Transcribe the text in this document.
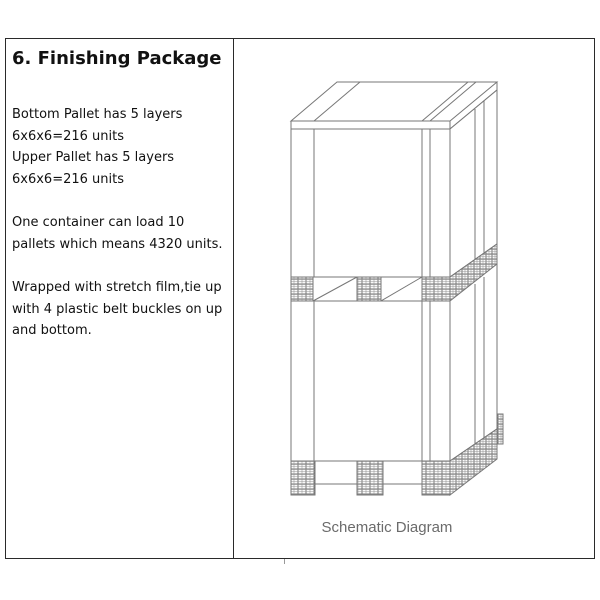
6. Finishing Package
Bottom Pallet has 5 layers
6x6x6=216 units
Upper Pallet has 5 layers
6x6x6=216 units
One container can load 10
pallets which means 4320 units.
Wrapped with stretch film,tie up
with 4 plastic belt buckles on up
and bottom.
Schematic Diagram
